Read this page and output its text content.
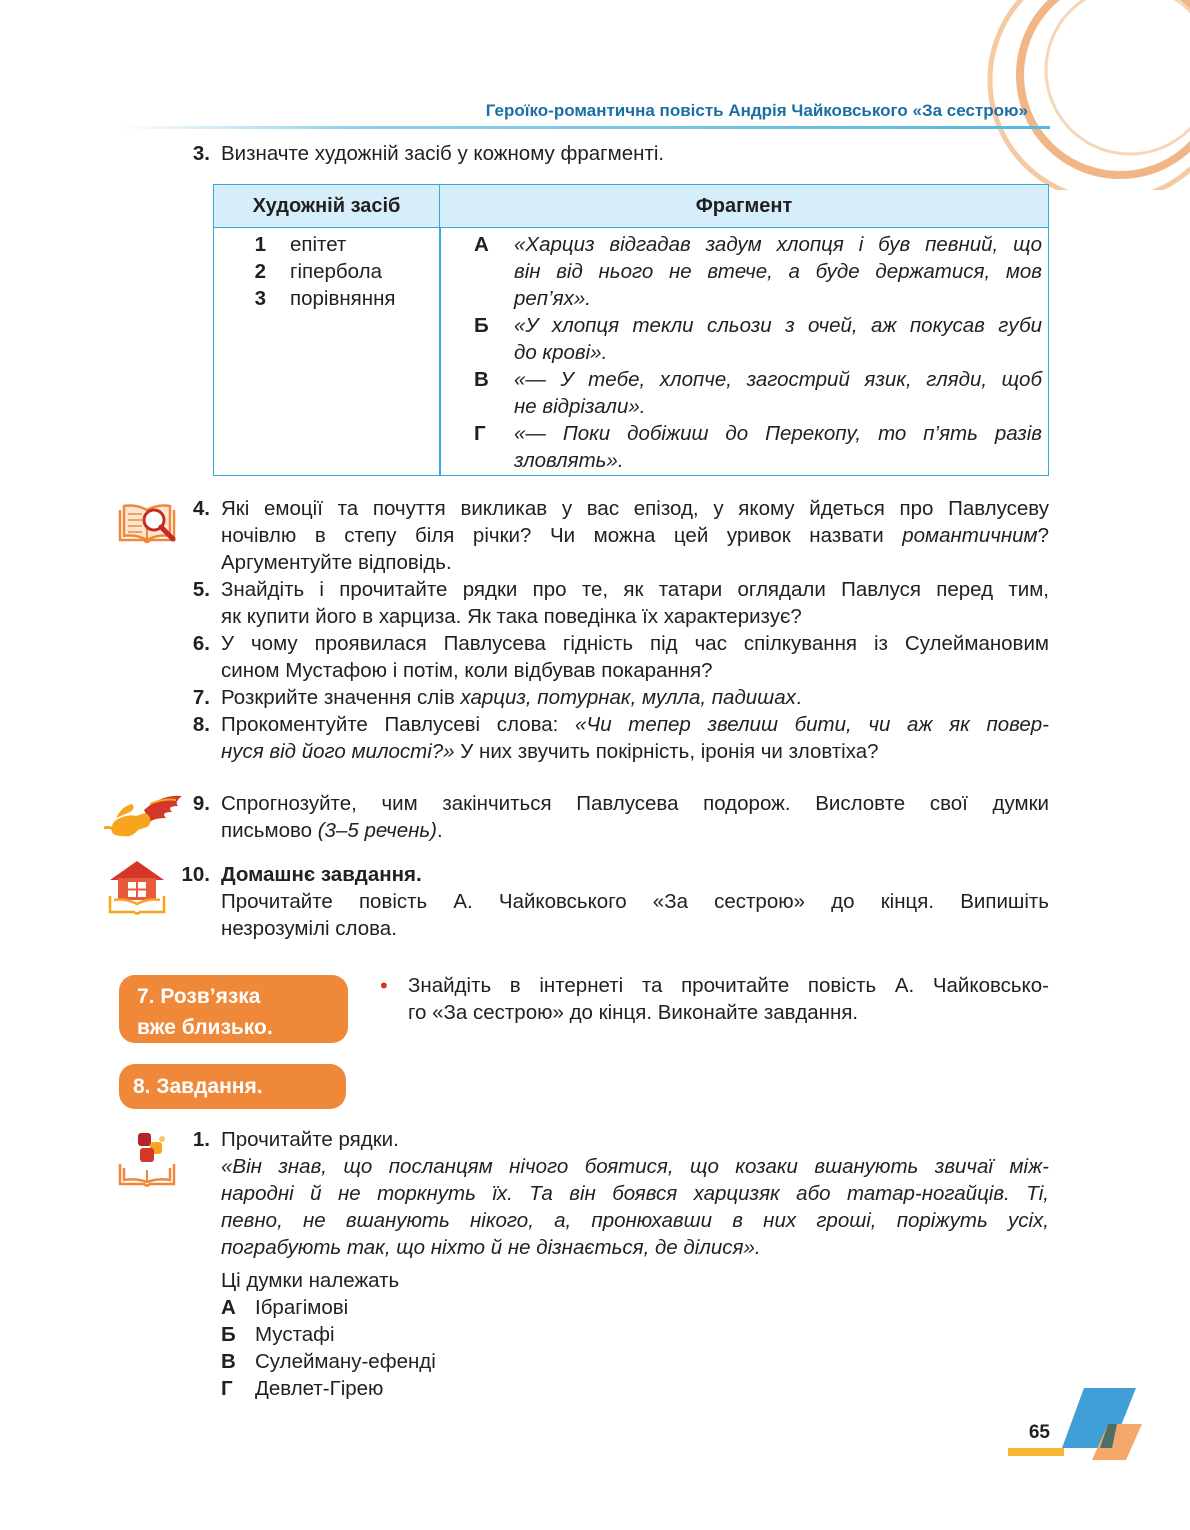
Героїко-романтична повість Андрія Чайковського «За сестрою»
3. Визначте художній засіб у кожному фрагменті.
Художній засіб	Фрагмент
1 епітет
2 гіпербола
3 порівняння
А «Харциз відгадав задум хлопця і був певний, що
він від нього не втече, а буде держатися, мов
реп’ях».
Б «У хлопця текли сльози з очей, аж покусав губи
до крові».
В «— У тебе, хлопче, загострий язик, гляди, щоб
не відрізали».
Г «— Поки добіжиш до Перекопу, то п’ять разів
зловлять».
4. Які емоції та почуття викликав у вас епізод, у якому йдеться про Павлусеву
ночівлю в степу біля річки? Чи можна цей уривок назвати романтичним?
Аргументуйте відповідь.
5. Знайдіть і прочитайте рядки про те, як татари оглядали Павлуся перед тим,
як купити його в харциза. Як така поведінка їх характеризує?
6. У чому проявилася Павлусева гідність під час спілкування із Сулеймановим
сином Мустафою і потім, коли відбував покарання?
7. Розкрийте значення слів харциз, потурнак, мулла, падишах.
8. Прокоментуйте Павлусеві слова: «Чи тепер звелиш бити, чи аж як повер-
нуся від його милості?» У них звучить покірність, іронія чи зловтіха?
9. Спрогнозуйте, чим закінчиться Павлусева подорож. Висловте свої думки
письмово (3–5 речень).
10. Домашнє завдання.
Прочитайте повість А. Чайковського «За сестрою» до кінця. Випишіть
незрозумілі слова.
7. Розв’язка
вже близько.
• Знайдіть в інтернеті та прочитайте повість А. Чайковсько-
го «За сестрою» до кінця. Виконайте завдання.
8. Завдання.
1. Прочитайте рядки.
«Він знав, що посланцям нічого боятися, що козаки вшанують звичаї між-
народні й не торкнуть їх. Та він боявся харцизяк або татар-ногайців. Ті,
певно, не вшанують нікого, а, пронюхавши в них гроші, поріжуть усіх,
пограбують так, що ніхто й не дізнається, де ділися».
Ці думки належать
А Ібрагімові
Б Мустафі
В Сулейману-ефенді
Г Девлет-Гірею
65
